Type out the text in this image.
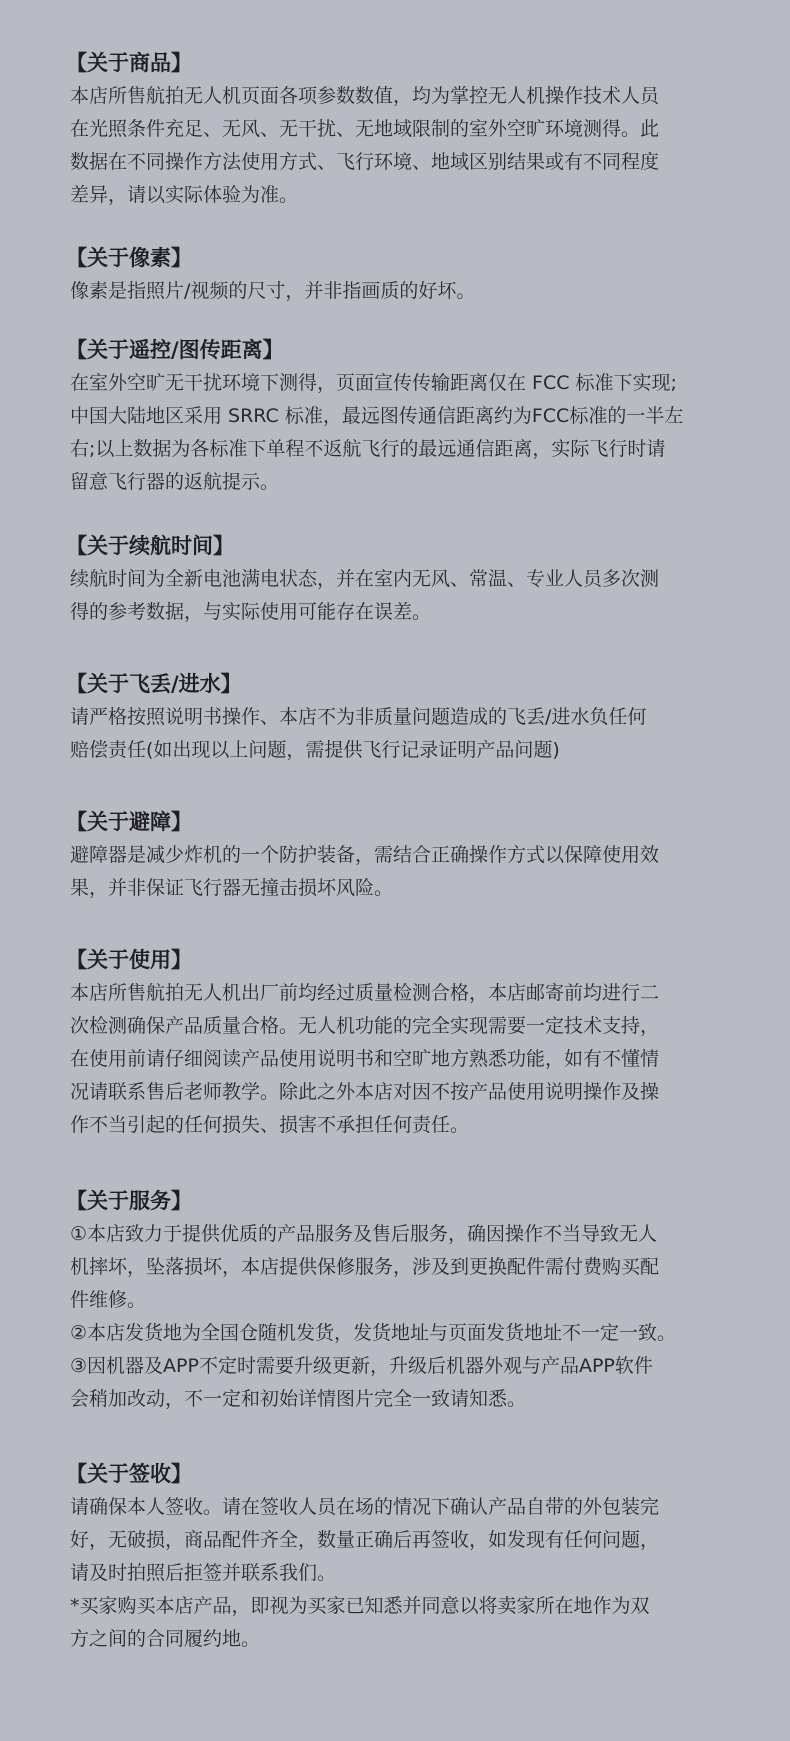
【关于商品】
本店所售航拍无人机页面各项参数数值，均为掌控无人机操作技术人员
在光照条件充足、无风、无干扰、无地域限制的室外空旷环境测得。此
数据在不同操作方法使用方式、飞行环境、地域区别结果或有不同程度
差异，请以实际体验为准。
【关于像素】
像素是指照片/视频的尺寸，并非指画质的好坏。
【关于遥控/图传距离】
在室外空旷无干扰环境下测得，页面宣传传输距离仅在 FCC 标准下实现;
中国大陆地区采用 SRRC 标准，最远图传通信距离约为FCC标准的一半左
右;以上数据为各标准下单程不返航飞行的最远通信距离，实际飞行时请
留意飞行器的返航提示。
【关于续航时间】
续航时间为全新电池满电状态，并在室内无风、常温、专业人员多次测
得的参考数据，与实际使用可能存在误差。
【关于飞丢/进水】
请严格按照说明书操作、本店不为非质量问题造成的飞丢/进水负任何
赔偿责任(如出现以上问题，需提供飞行记录证明产品问题)
【关于避障】
避障器是减少炸机的一个防护装备，需结合正确操作方式以保障使用效
果，并非保证飞行器无撞击损坏风险。
【关于使用】
本店所售航拍无人机出厂前均经过质量检测合格，本店邮寄前均进行二
次检测确保产品质量合格。无人机功能的完全实现需要一定技术支持，
在使用前请仔细阅读产品使用说明书和空旷地方熟悉功能，如有不懂情
况请联系售后老师教学。除此之外本店对因不按产品使用说明操作及操
作不当引起的任何损失、损害不承担任何责任。
【关于服务】
①本店致力于提供优质的产品服务及售后服务，确因操作不当导致无人
机摔坏，坠落损坏，本店提供保修服务，涉及到更换配件需付费购买配
件维修。
②本店发货地为全国仓随机发货，发货地址与页面发货地址不一定一致。
③因机器及APP不定时需要升级更新，升级后机器外观与产品APP软件
会稍加改动，不一定和初始详情图片完全一致请知悉。
【关于签收】
请确保本人签收。请在签收人员在场的情况下确认产品自带的外包装完
好，无破损，商品配件齐全，数量正确后再签收，如发现有任何问题，
请及时拍照后拒签并联系我们。
*买家购买本店产品，即视为买家已知悉并同意以将卖家所在地作为双
方之间的合同履约地。
